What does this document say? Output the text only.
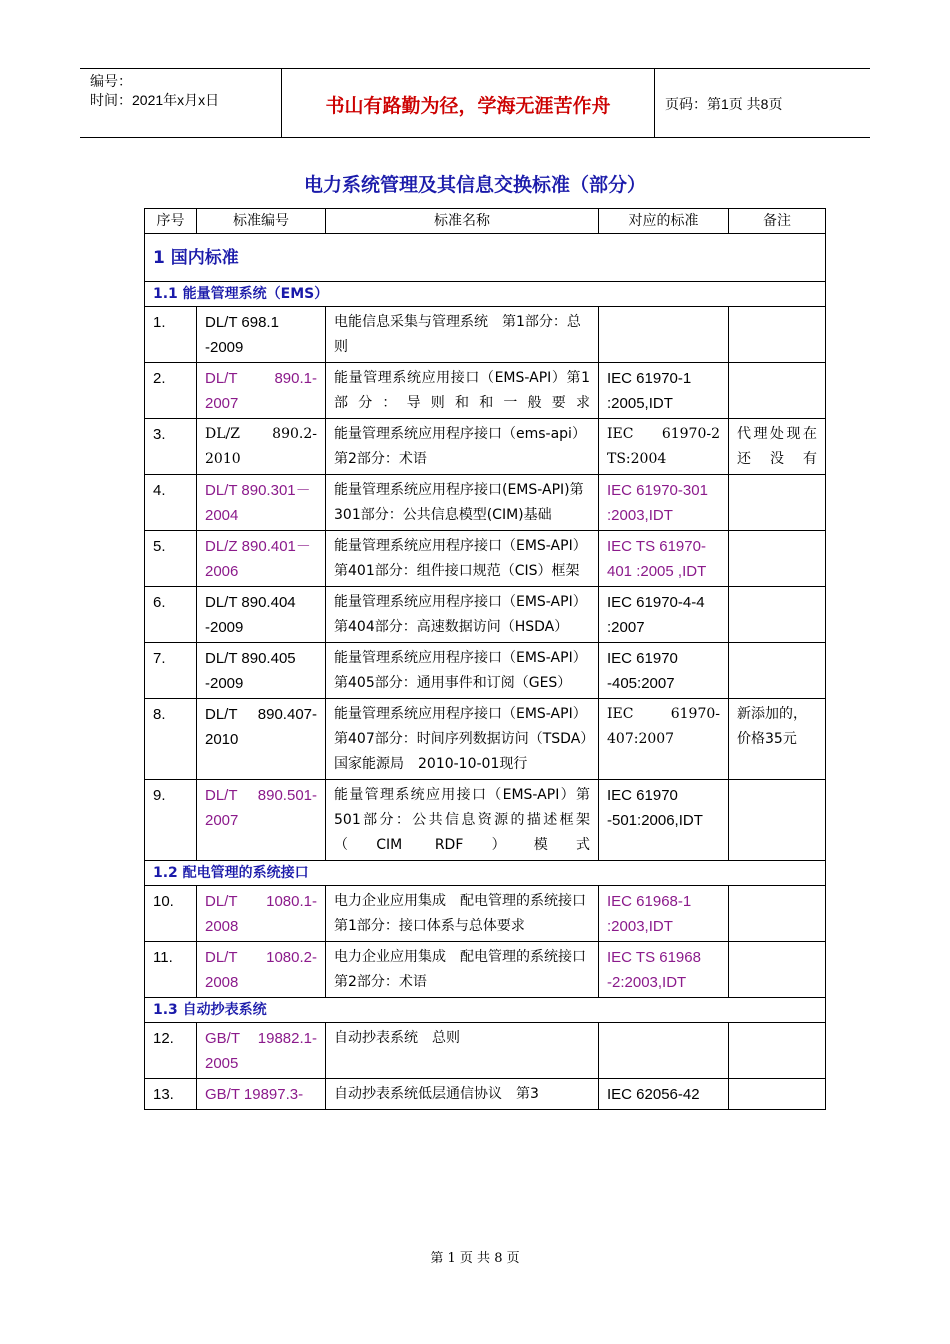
编号：
时间：2021年x月x日	书山有路勤为径，学海无涯苦作舟	页码：第1页 共8页
电力系统管理及其信息交换标准（部分）
序号	标准编号	标准名称	对应的标准	备注
1 国内标准				
1.1 能量管理系统（EMS）				
1.	DL/T 698.1 -2009	电能信息采集与管理系统　第1部分：总则		
2.	DL/T 890.1-2007	能量管理系统应用接口（EMS-API）第1部分：导则和和一般要求	IEC 61970-1 :2005,IDT	
3.	DL/Z 890.2-2010	能量管理系统应用程序接口（ems-api）第2部分：术语	IEC 61970-2 TS:2004	代理处现在还没有
4.	DL/T 890.301－2004	能量管理系统应用程序接口(EMS-API)第301部分：公共信息模型(CIM)基础	IEC 61970-301 :2003,IDT	
5.	DL/Z 890.401－2006	能量管理系统应用程序接口（EMS-API）　第401部分：组件接口规范（CIS）框架	IEC TS 61970-401 :2005 ,IDT	
6.	DL/T 890.404 -2009	能量管理系统应用程序接口（EMS-API）　第404部分：高速数据访问（HSDA）	IEC 61970-4-4 :2007	
7.	DL/T 890.405 -2009	能量管理系统应用程序接口（EMS-API）　第405部分：通用事件和订阅（GES）	IEC 61970 -405:2007	
8.	DL/T 890.407-2010	能量管理系统应用程序接口（EMS-API）第407部分：时间序列数据访问（TSDA）　国家能源局　2010-10-01现行	IEC 61970-407:2007	新添加的，价格35元
9.	DL/T 890.501-2007	能量管理系统应用接口（EMS-API）第501部分：公共信息资源的描述框架（CIM RDF）模式	IEC 61970 -501:2006,IDT	
1.2 配电管理的系统接口				
10.	DL/T 1080.1-2008	电力企业应用集成　配电管理的系统接口　第1部分：接口体系与总体要求	IEC 61968-1 :2003,IDT	
11.	DL/T 1080.2-2008	电力企业应用集成　配电管理的系统接口　第2部分：术语	IEC TS 61968 -2:2003,IDT	
1.3 自动抄表系统				
12.	GB/T 19882.1-2005	自动抄表系统　总则		
13.	GB/T 19897.3-	自动抄表系统低层通信协议　第3	IEC 62056-42	
第 1 页 共 8 页
